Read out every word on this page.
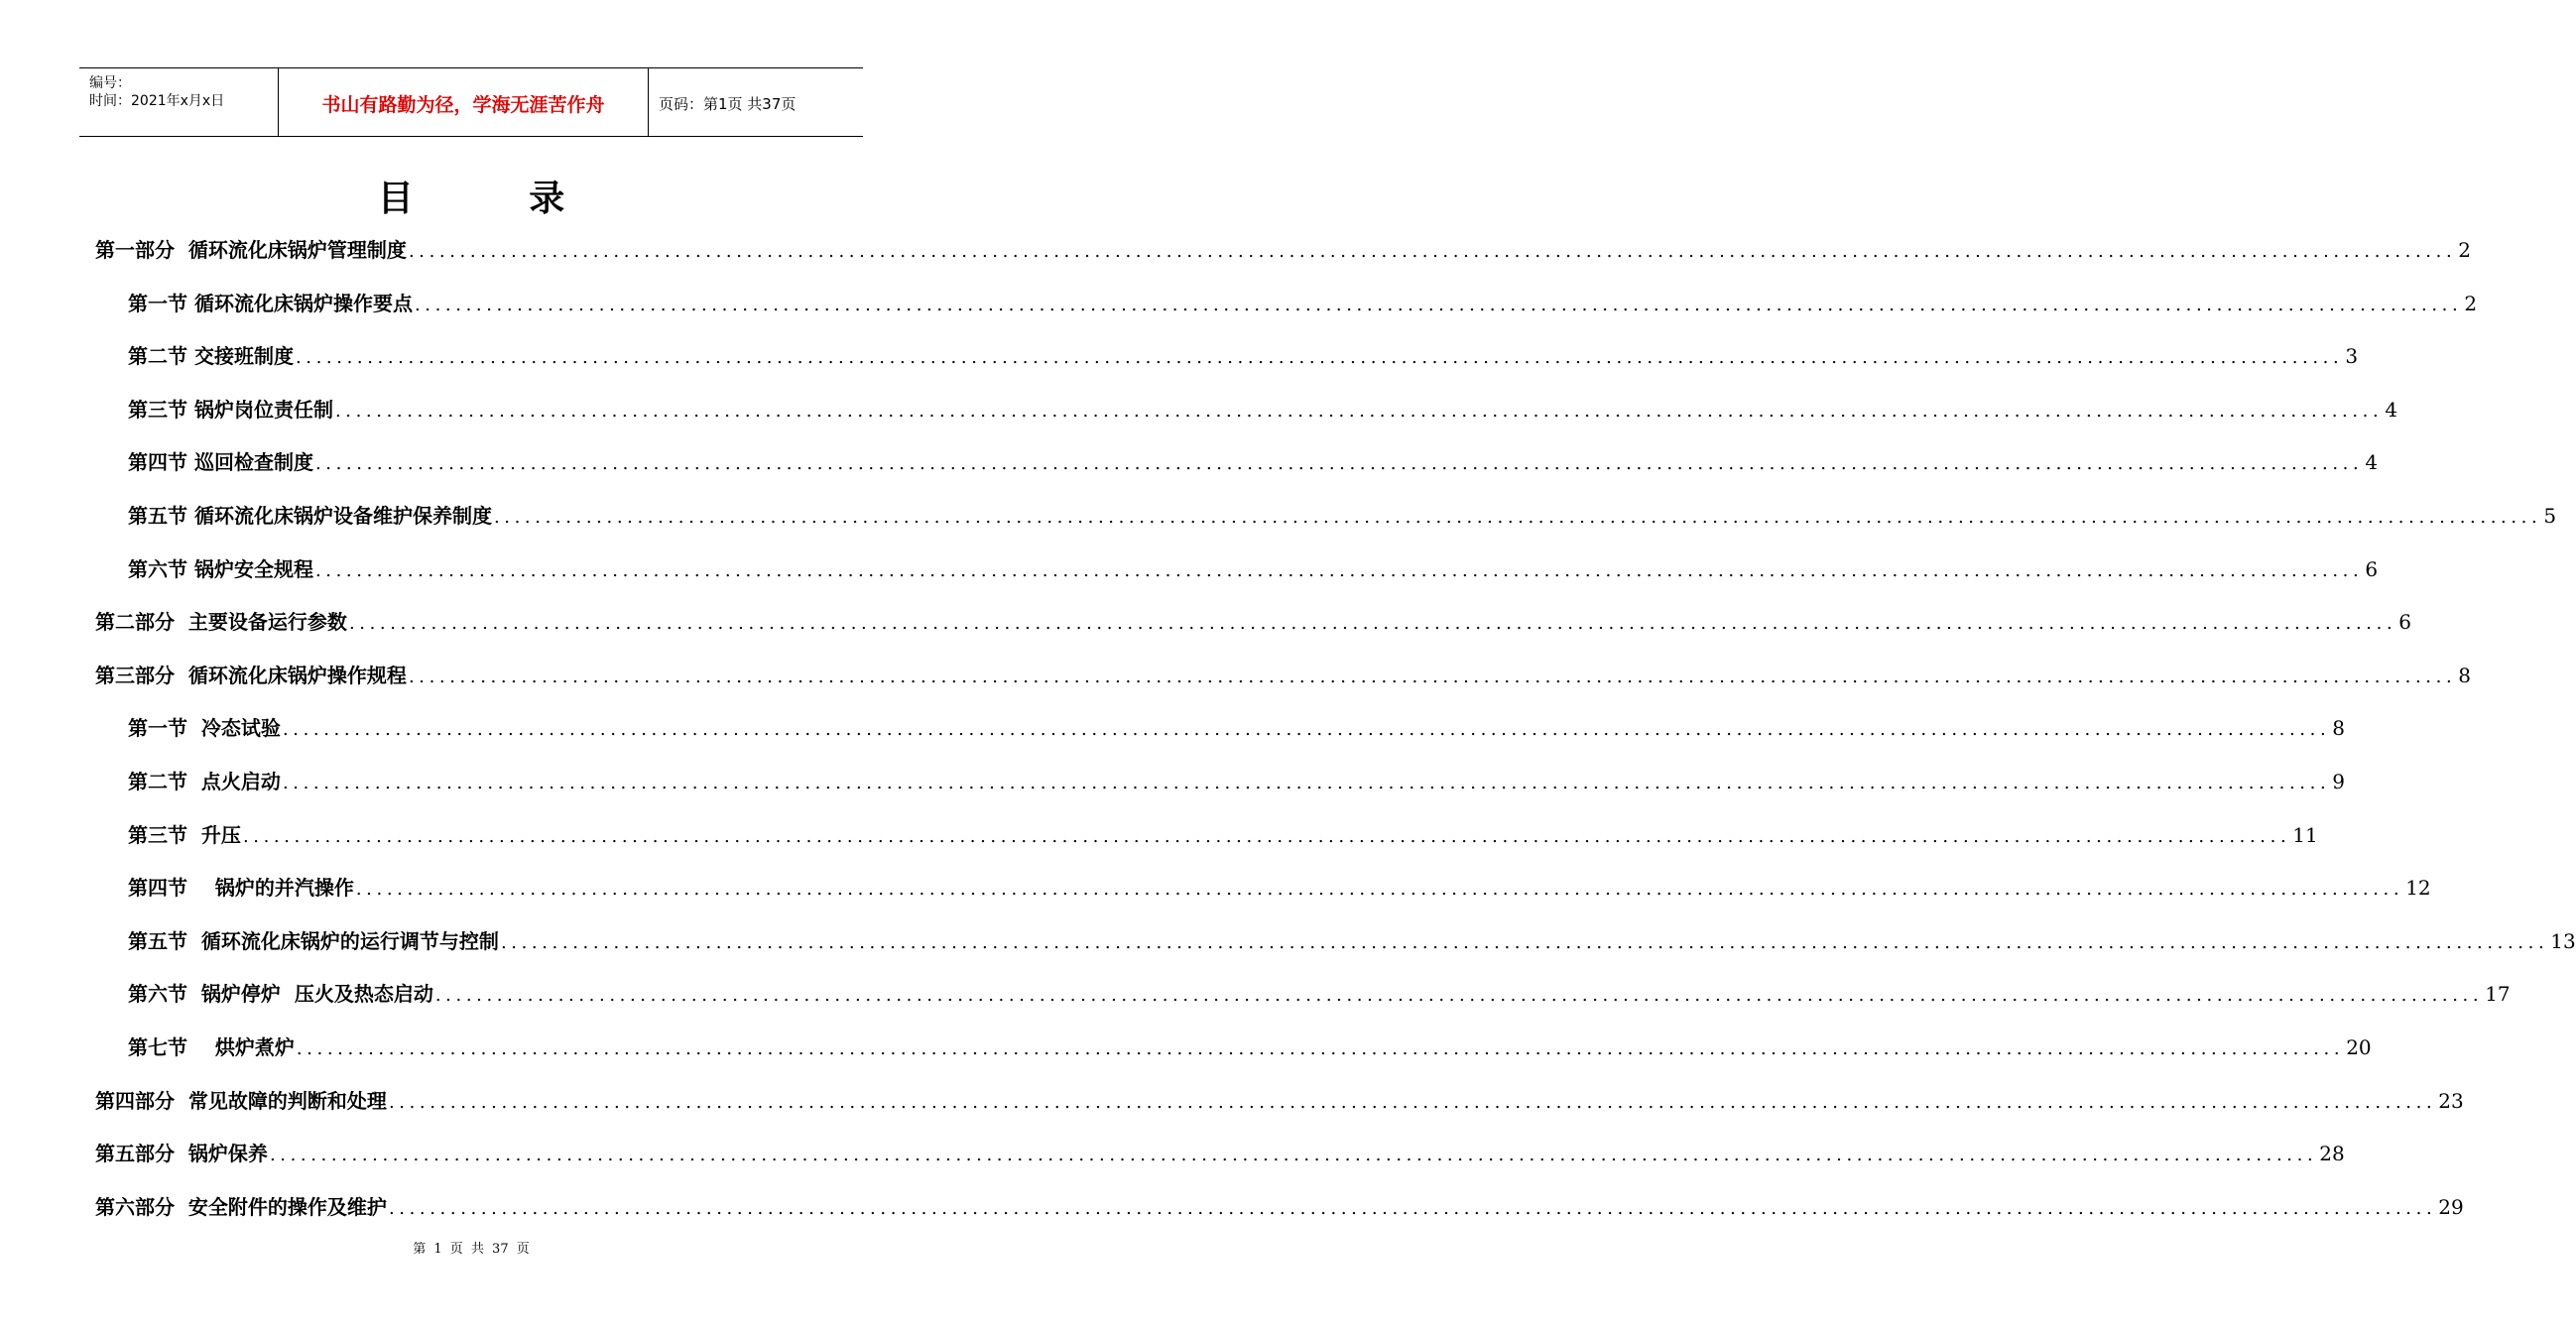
编号：
时间：2021年x月x日	书山有路勤为径，学海无涯苦作舟	页码：第1页 共37页
目 录
第一部分  循环流化床锅炉管理制度 ........................................................................................................................................................................................................ 2
第一节 循环流化床锅炉操作要点 ........................................................................................................................................................................................................ 2
第二节 交接班制度 ........................................................................................................................................................................................................ 3
第三节 锅炉岗位责任制 ........................................................................................................................................................................................................ 4
第四节 巡回检查制度 ........................................................................................................................................................................................................ 4
第五节 循环流化床锅炉设备维护保养制度 ........................................................................................................................................................................................................ 5
第六节 锅炉安全规程 ........................................................................................................................................................................................................ 6
第二部分  主要设备运行参数 ........................................................................................................................................................................................................ 6
第三部分  循环流化床锅炉操作规程 ........................................................................................................................................................................................................ 8
第一节  冷态试验 ........................................................................................................................................................................................................ 8
第二节  点火启动 ........................................................................................................................................................................................................ 9
第三节  升压 ........................................................................................................................................................................................................ 11
第四节    锅炉的并汽操作 ........................................................................................................................................................................................................ 12
第五节  循环流化床锅炉的运行调节与控制 ........................................................................................................................................................................................................ 13
第六节  锅炉停炉  压火及热态启动 ........................................................................................................................................................................................................ 17
第七节    烘炉煮炉 ........................................................................................................................................................................................................ 20
第四部分  常见故障的判断和处理 ........................................................................................................................................................................................................ 23
第五部分  锅炉保养 ........................................................................................................................................................................................................ 28
第六部分  安全附件的操作及维护 ........................................................................................................................................................................................................ 29
第 1 页 共 37 页
